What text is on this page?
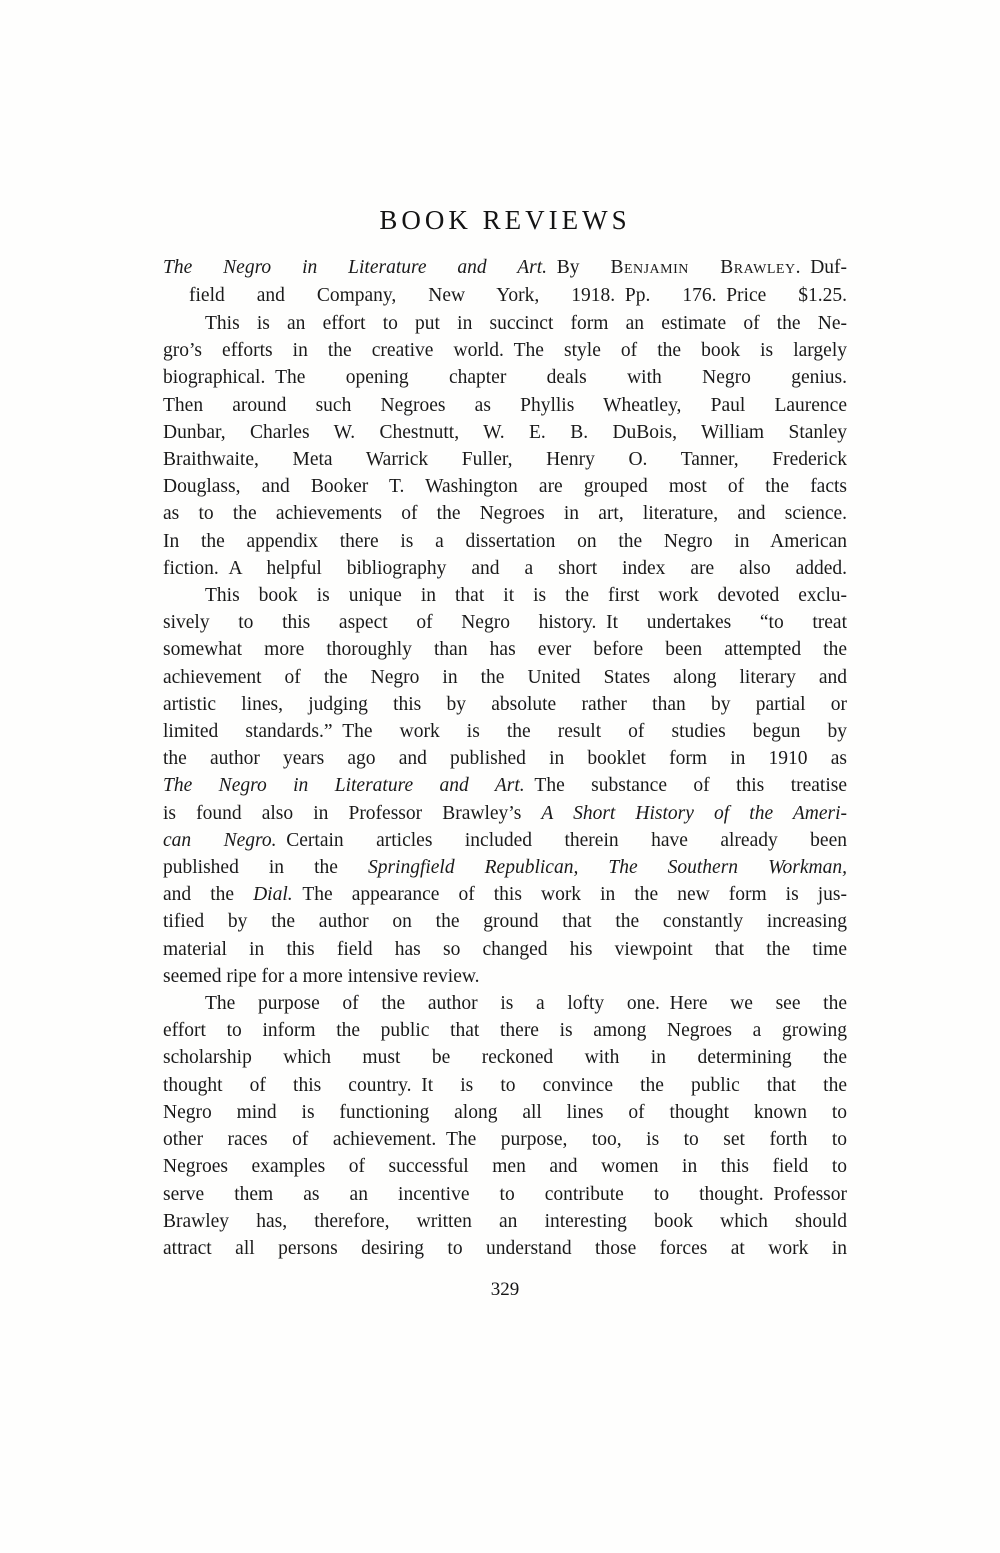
BOOK REVIEWS
The Negro in Literature and Art. By Benjamin Brawley. Duf-
field and Company, New York, 1918. Pp. 176. Price $1.25.
This is an effort to put in succinct form an estimate of the Ne-
gro’s efforts in the creative world. The style of the book is largely
biographical. The opening chapter deals with Negro genius.
Then around such Negroes as Phyllis Wheatley, Paul Laurence
Dunbar, Charles W. Chestnutt, W. E. B. DuBois, William Stanley
Braithwaite, Meta Warrick Fuller, Henry O. Tanner, Frederick
Douglass, and Booker T. Washington are grouped most of the facts
as to the achievements of the Negroes in art, literature, and science.
In the appendix there is a dissertation on the Negro in American
fiction. A helpful bibliography and a short index are also added.
This book is unique in that it is the first work devoted exclu-
sively to this aspect of Negro history. It undertakes “to treat
somewhat more thoroughly than has ever before been attempted the
achievement of the Negro in the United States along literary and
artistic lines, judging this by absolute rather than by partial or
limited standards.” The work is the result of studies begun by
the author years ago and published in booklet form in 1910 as
The Negro in Literature and Art. The substance of this treatise
is found also in Professor Brawley’s A Short History of the Ameri-
can Negro. Certain articles included therein have already been
published in the Springfield Republican, The Southern Workman,
and the Dial. The appearance of this work in the new form is jus-
tified by the author on the ground that the constantly increasing
material in this field has so changed his viewpoint that the time
seemed ripe for a more intensive review.
The purpose of the author is a lofty one. Here we see the
effort to inform the public that there is among Negroes a growing
scholarship which must be reckoned with in determining the
thought of this country. It is to convince the public that the
Negro mind is functioning along all lines of thought known to
other races of achievement. The purpose, too, is to set forth to
Negroes examples of successful men and women in this field to
serve them as an incentive to contribute to thought. Professor
Brawley has, therefore, written an interesting book which should
attract all persons desiring to understand those forces at work in
329
